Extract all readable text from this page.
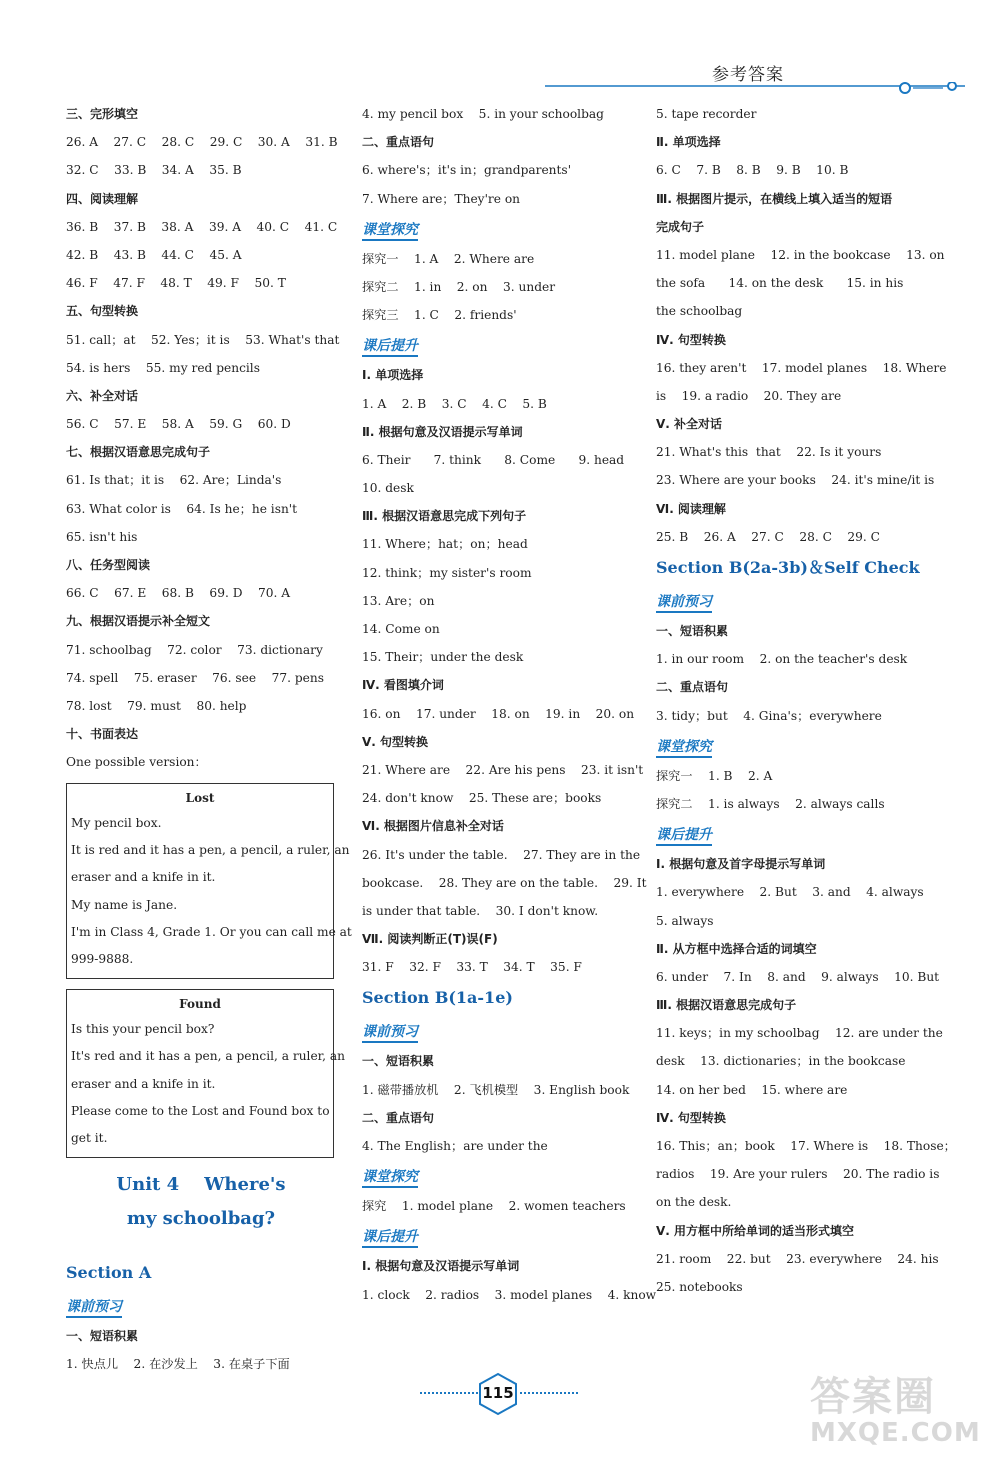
参考答案
三、完形填空
26. A    27. C    28. C    29. C    30. A    31. B
32. C    33. B    34. A    35. B
四、阅读理解
36. B    37. B    38. A    39. A    40. C    41. C
42. B    43. B    44. C    45. A
46. F    47. F    48. T    49. F    50. T
五、句型转换
51. call；at    52. Yes；it is    53. What's that
54. is hers    55. my red pencils
六、补全对话
56. C    57. E    58. A    59. G    60. D
七、根据汉语意思完成句子
61. Is that；it is    62. Are；Linda's
63. What color is    64. Is he；he isn't
65. isn't his
八、任务型阅读
66. C    67. E    68. B    69. D    70. A
九、根据汉语提示补全短文
71. schoolbag    72. color    73. dictionary
74. spell    75. eraser    76. see    77. pens
78. lost    79. must    80. help
十、书面表达
One possible version：
Lost
My pencil box.
It is red and it has a pen, a pencil, a ruler, an
eraser and a knife in it.
My name is Jane.
I'm in Class 4, Grade 1. Or you can call me at
999-9888.
Found
Is this your pencil box?
It's red and it has a pen, a pencil, a ruler, an
eraser and a knife in it.
Please come to the Lost and Found box to
get it.
Unit 4    Where's
my schoolbag?
Section A
课前预习
一、短语积累
1. 快点儿    2. 在沙发上    3. 在桌子下面
4. my pencil box    5. in your schoolbag
二、重点语句
6. where's；it's in；grandparents'
7. Where are；They're on
课堂探究
探究一    1. A    2. Where are
探究二    1. in    2. on    3. under
探究三    1. C    2. friends'
课后提升
Ⅰ. 单项选择
1. A    2. B    3. C    4. C    5. B
Ⅱ. 根据句意及汉语提示写单词
6. Their      7. think      8. Come      9. head
10. desk
Ⅲ. 根据汉语意思完成下列句子
11. Where；hat；on；head
12. think；my sister's room
13. Are；on
14. Come on
15. Their；under the desk
Ⅳ. 看图填介词
16. on    17. under    18. on    19. in    20. on
Ⅴ. 句型转换
21. Where are    22. Are his pens    23. it isn't
24. don't know    25. These are；books
Ⅵ. 根据图片信息补全对话
26. It's under the table.    27. They are in the
bookcase.    28. They are on the table.    29. It
is under that table.    30. I don't know.
Ⅶ. 阅读判断正(T)误(F)
31. F    32. F    33. T    34. T    35. F
Section B(1a-1e)
课前预习
一、短语积累
1. 磁带播放机    2. 飞机模型    3. English book
二、重点语句
4. The English；are under the
课堂探究
探究    1. model plane    2. women teachers
课后提升
Ⅰ. 根据句意及汉语提示写单词
1. clock    2. radios    3. model planes    4. know
5. tape recorder
Ⅱ. 单项选择
6. C    7. B    8. B    9. B    10. B
Ⅲ. 根据图片提示，在横线上填入适当的短语
完成句子
11. model plane    12. in the bookcase    13. on
the sofa      14. on the desk      15. in his
the schoolbag
Ⅳ. 句型转换
16. they aren't    17. model planes    18. Where
is    19. a radio    20. They are
Ⅴ. 补全对话
21. What's this  that    22. Is it yours
23. Where are your books    24. it's mine/it is
Ⅵ. 阅读理解
25. B    26. A    27. C    28. C    29. C
Section B(2a-3b)＆Self Check
课前预习
一、短语积累
1. in our room    2. on the teacher's desk
二、重点语句
3. tidy；but    4. Gina's；everywhere
课堂探究
探究一    1. B    2. A
探究二    1. is always    2. always calls
课后提升
Ⅰ. 根据句意及首字母提示写单词
1. everywhere    2. But    3. and    4. always
5. always
Ⅱ. 从方框中选择合适的词填空
6. under    7. In    8. and    9. always    10. But
Ⅲ. 根据汉语意思完成句子
11. keys；in my schoolbag    12. are under the
desk    13. dictionaries；in the bookcase
14. on her bed    15. where are
Ⅳ. 句型转换
16. This；an；book    17. Where is    18. Those；
radios    19. Are your rulers    20. The radio is
on the desk.
Ⅴ. 用方框中所给单词的适当形式填空
21. room    22. but    23. everywhere    24. his
25. notebooks
115	答案圈
MXQE.COM
